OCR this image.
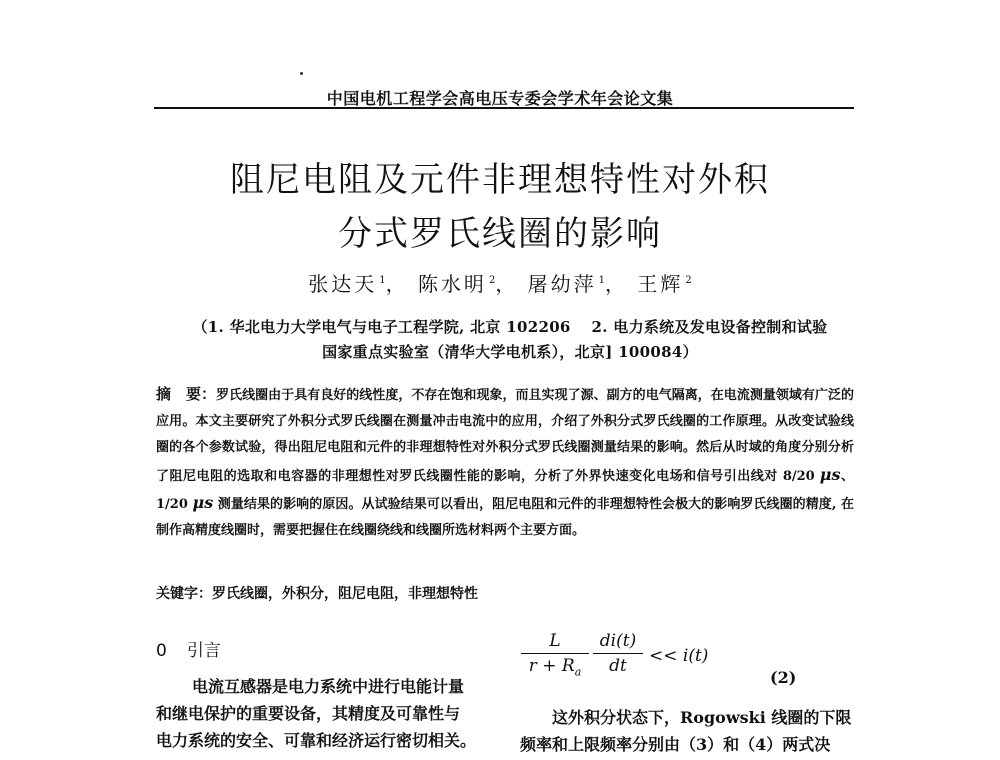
中国电机工程学会高电压专委会学术年会论文集
阻尼电阻及元件非理想特性对外积
分式罗氏线圈的影响
张达天 $^1$， 陈水明 $^2$， 屠幼萍 $^1$， 王辉 $^2$
（1. 华北电力大学电气与电子工程学院, 北京 102206　 2. 电力系统及发电设备控制和试验
国家重点实验室（清华大学电机系），北京] 100084）
摘　要：罗氏线圈由于具有良好的线性度，不存在饱和现象，而且实现了源、副方的电气隔离，在电流测量领域有广泛的应用。本文主要研究了外积分式罗氏线圈在测量冲击电流中的应用，介绍了外积分式罗氏线圈的工作原理。从改变试验线圈的各个参数试验，得出阻尼电阻和元件的非理想特性对外积分式罗氏线圈测量结果的影响。然后从时域的角度分别分析了阻尼电阻的选取和电容器的非理想性对罗氏线圈性能的影响，分析了外界快速变化电场和信号引出线对 8/20 μs、1/20 μs 测量结果的影响的原因。从试验结果可以看出，阻尼电阻和元件的非理想特性会极大的影响罗氏线圈的精度, 在制作高精度线圈时，需要把握住在线圈绕线和线圈所选材料两个主要方面。
关键字：罗氏线圈，外积分，阻尼电阻，非理想特性
0 引言
电流互感器是电力系统中进行电能计量
和继电保护的重要设备，其精度及可靠性与
电力系统的安全、可靠和经济运行密切相关。
L
$r + R_a$
di(t)
dt	<< i(t)
(2)
这外积分状态下，Rogowski 线圈的下限
频率和上限频率分别由（3）和（4）两式决
